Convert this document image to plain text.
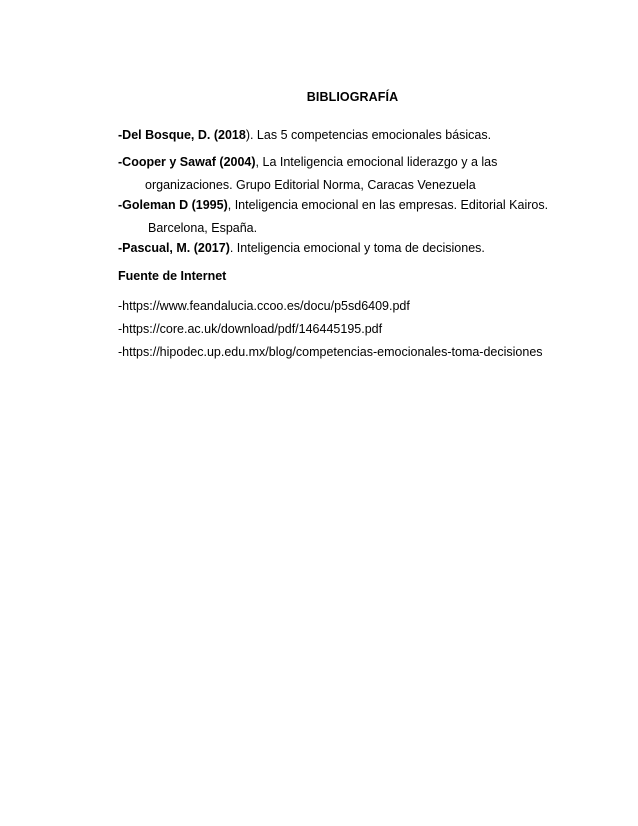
BIBLIOGRAFÍA
-Del Bosque, D. (2018). Las 5 competencias emocionales básicas.
-Cooper y Sawaf (2004), La Inteligencia emocional liderazgo y a las
organizaciones. Grupo Editorial Norma, Caracas Venezuela
-Goleman D (1995), Inteligencia emocional en las empresas. Editorial Kairos.
Barcelona, España.
-Pascual, M. (2017). Inteligencia emocional y toma de decisiones.
Fuente de Internet
-https://www.feandalucia.ccoo.es/docu/p5sd6409.pdf
-https://core.ac.uk/download/pdf/146445195.pdf
-https://hipodec.up.edu.mx/blog/competencias-emocionales-toma-decisiones
